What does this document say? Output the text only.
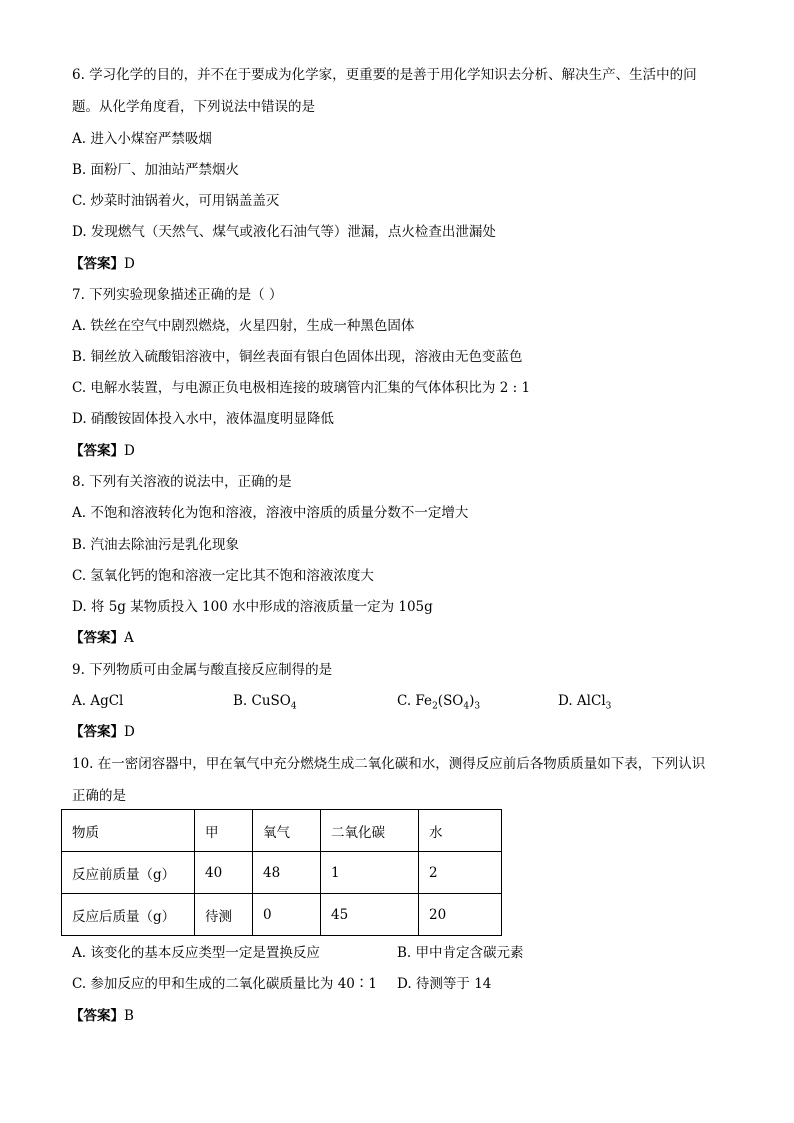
6. 学习化学的目的，并不在于要成为化学家，更重要的是善于用化学知识去分析、解决生产、生活中的问
题。从化学角度看，下列说法中错误的是
A. 进入小煤窑严禁吸烟
B. 面粉厂、加油站严禁烟火
C. 炒菜时油锅着火，可用锅盖盖灭
D. 发现燃气（天然气、煤气或液化石油气等）泄漏，点火检查出泄漏处
【答案】D
7. 下列实验现象描述正确的是（ ）
A. 铁丝在空气中剧烈燃烧，火星四射，生成一种黑色固体
B. 铜丝放入硫酸铝溶液中，铜丝表面有银白色固体出现，溶液由无色变蓝色
C. 电解水装置，与电源正负电极相连接的玻璃管内汇集的气体体积比为 2 : 1
D. 硝酸铵固体投入水中，液体温度明显降低
【答案】D
8. 下列有关溶液的说法中，正确的是
A. 不饱和溶液转化为饱和溶液，溶液中溶质的质量分数不一定增大
B. 汽油去除油污是乳化现象
C. 氢氧化钙的饱和溶液一定比其不饱和溶液浓度大
D. 将 5g 某物质投入 100 水中形成的溶液质量一定为 105g
【答案】A
9. 下列物质可由金属与酸直接反应制得的是
A. AgCl	B. CuSO$_4$	C. $Fe_2(SO_4)_3$	D. AlCl$_3$
【答案】D
10. 在一密闭容器中，甲在氧气中充分燃烧生成二氧化碳和水，测得反应前后各物质质量如下表，下列认识
正确的是
物质	甲	氧气	二氧化碳	水
反应前质量（g）	40	48	1	2
反应后质量（g）	待测	0	45	20
A. 该变化的基本反应类型一定是置换反应	B. 甲中肯定含碳元素
C. 参加反应的甲和生成的二氧化碳质量比为 40∶1 D. 待测等于 14
【答案】B
